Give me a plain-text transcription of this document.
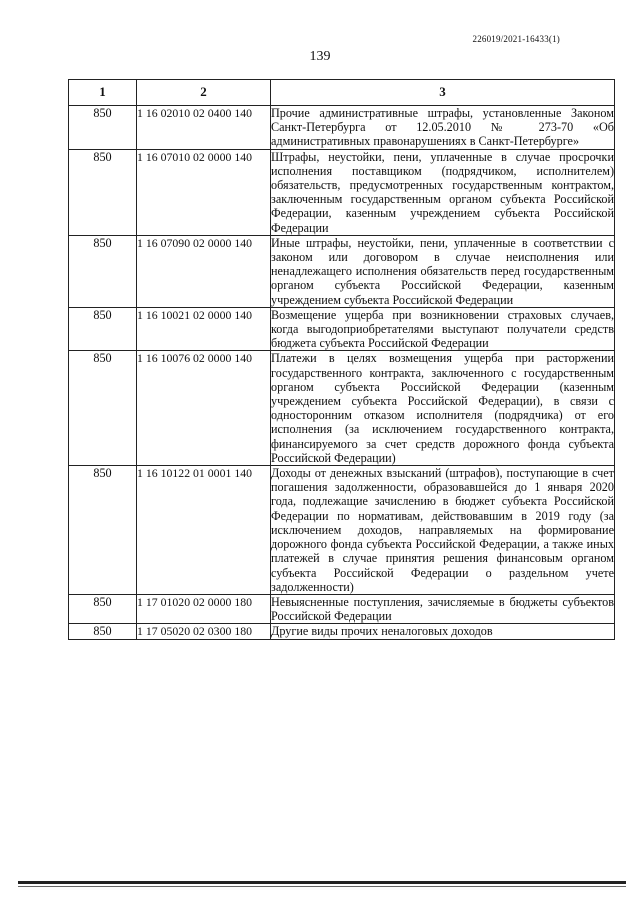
226019/2021-16433(1)
139
1	2	3
850	1 16 02010 02 0400 140	Прочие административные штрафы, установленные Законом Санкт-Петербурга от 12.05.2010 № 273-70 «Об административных правонарушениях в Санкт-Петербурге»
850	1 16 07010 02 0000 140	Штрафы, неустойки, пени, уплаченные в случае просрочки исполнения поставщиком (подрядчиком, исполнителем) обязательств, предусмотренных государственным контрактом, заключенным государственным органом субъекта Российской Федерации, казенным учреждением субъекта Российской Федерации
850	1 16 07090 02 0000 140	Иные штрафы, неустойки, пени, уплаченные в соответствии с законом или договором в случае неисполнения или ненадлежащего исполнения обязательств перед государственным органом субъекта Российской Федерации, казенным учреждением субъекта Российской Федерации
850	1 16 10021 02 0000 140	Возмещение ущерба при возникновении страховых случаев, когда выгодоприобретателями выступают получатели средств бюджета субъекта Российской Федерации
850	1 16 10076 02 0000 140	Платежи в целях возмещения ущерба при расторжении государственного контракта, заключенного с государственным органом субъекта Российской Федерации (казенным учреждением субъекта Российской Федерации), в связи с односторонним отказом исполнителя (подрядчика) от его исполнения (за исключением государственного контракта, финансируемого за счет средств дорожного фонда субъекта Российской Федерации)
850	1 16 10122 01 0001 140	Доходы от денежных взысканий (штрафов), поступающие в счет погашения задолженности, образовавшейся до 1 января 2020 года, подлежащие зачислению в бюджет субъекта Российской Федерации по нормативам, действовавшим в 2019 году (за исключением доходов, направляемых на формирование дорожного фонда субъекта Российской Федерации, а также иных платежей в случае принятия решения финансовым органом субъекта Российской Федерации о раздельном учете задолженности)
850	1 17 01020 02 0000 180	Невыясненные поступления, зачисляемые в бюджеты субъектов Российской Федерации
850	1 17 05020 02 0300 180	Другие виды прочих неналоговых доходов
